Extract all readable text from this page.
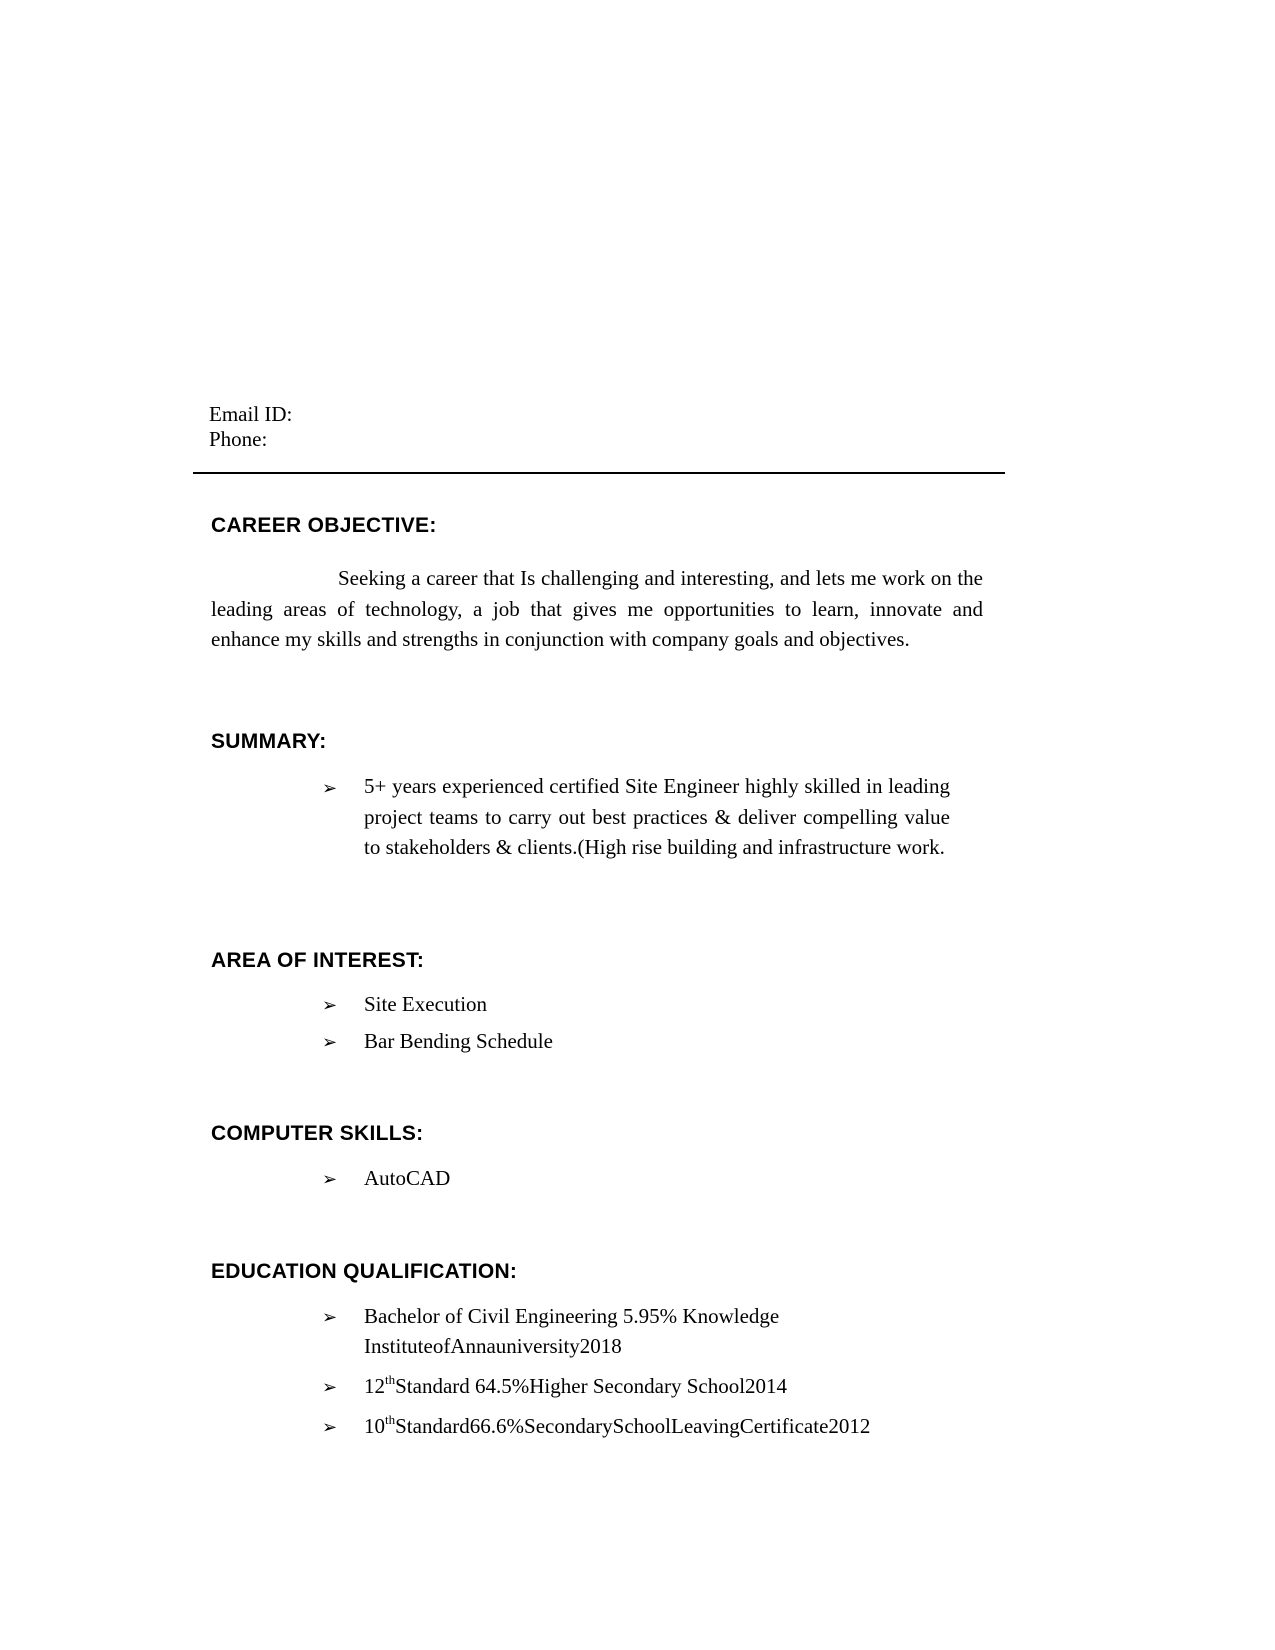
Email ID:
Phone:
CAREER OBJECTIVE:

Seeking a career that Is challenging and interesting, and lets me work on the leading areas of technology, a job that gives me opportunities to learn, innovate and enhance my skills and strengths in conjunction with company goals and objectives.

SUMMARY:
➢ 5+ years experienced certified Site Engineer highly skilled in leading project teams to carry out best practices & deliver compelling value to stakeholders & clients.(High rise building and infrastructure work.
AREA OF INTEREST:
➢ Site Execution
➢ Bar Bending Schedule
COMPUTER SKILLS:
➢ AutoCAD
EDUCATION QUALIFICATION:
➢ Bachelor of Civil Engineering 5.95% Knowledge InstituteofAnnauniversity2018
➢ 12thStandard 64.5%Higher Secondary School2014
➢ 10thStandard66.6%SecondarySchoolLeavingCertificate2012
